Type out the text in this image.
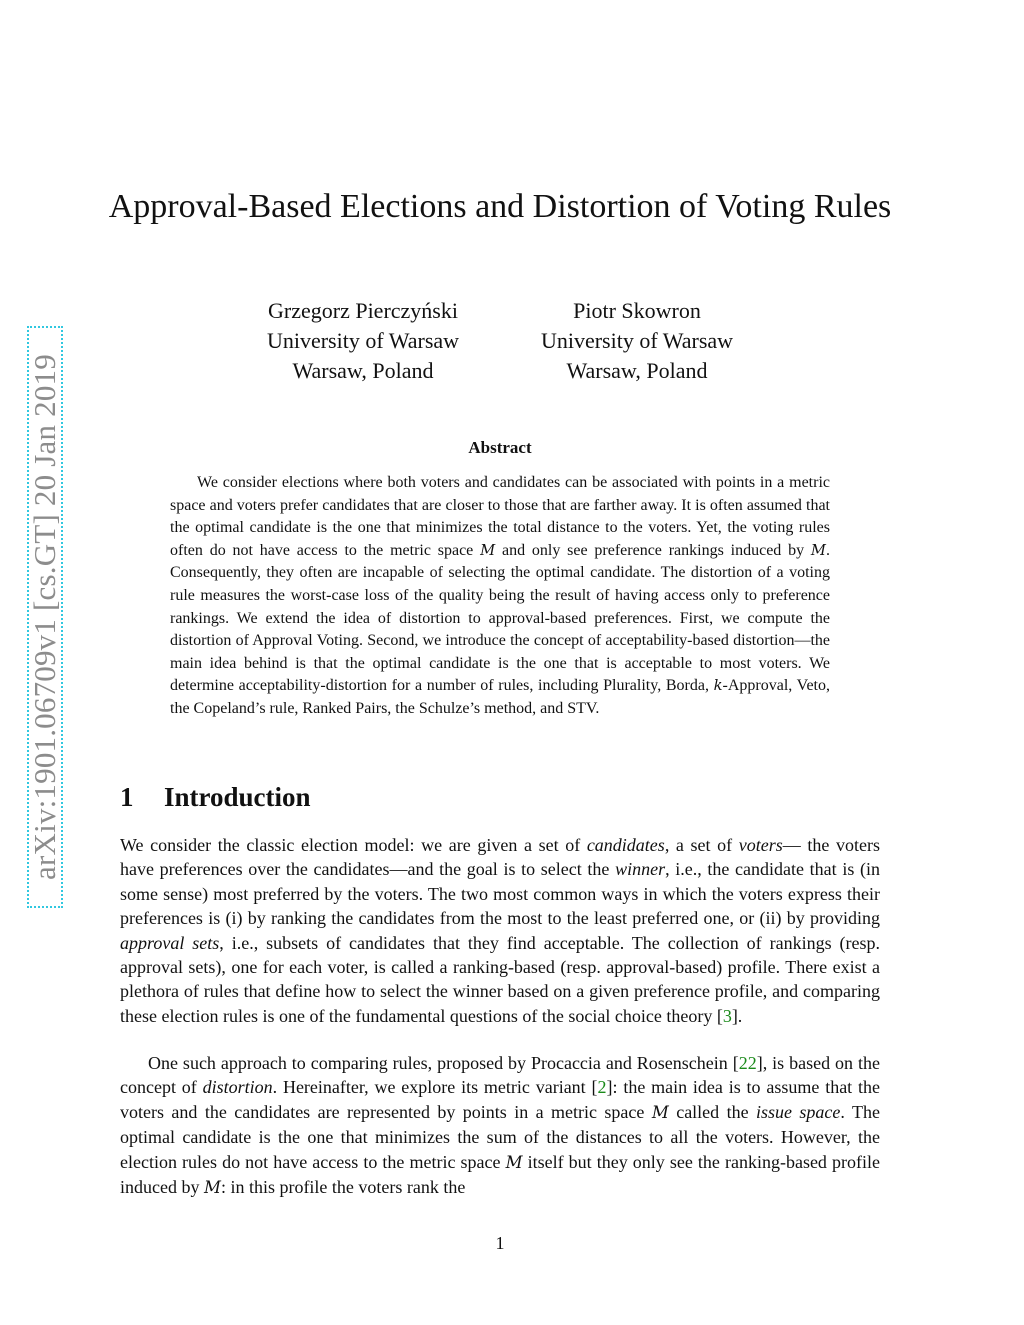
arXiv:1901.06709v1 [cs.GT] 20 Jan 2019
Approval-Based Elections and Distortion of Voting Rules
Grzegorz Pierczyński
University of Warsaw
Warsaw, Poland
Piotr Skowron
University of Warsaw
Warsaw, Poland
Abstract

We consider elections where both voters and candidates can be associated with points in a metric space and voters prefer candidates that are closer to those that are farther away. It is often assumed that the optimal candidate is the one that minimizes the total distance to the voters. Yet, the voting rules often do not have access to the metric space M and only see preference rankings induced by M. Consequently, they often are incapable of selecting the optimal candidate. The distortion of a voting rule measures the worst-case loss of the quality being the result of having access only to preference rankings. We extend the idea of distortion to approval-based preferences. First, we compute the distortion of Approval Voting. Second, we introduce the concept of acceptability-based distortion—the main idea behind is that the optimal candidate is the one that is acceptable to most voters. We determine acceptability-distortion for a number of rules, including Plurality, Borda, k-Approval, Veto, the Copeland’s rule, Ranked Pairs, the Schulze’s method, and STV.

1 Introduction

We consider the classic election model: we are given a set of candidates, a set of voters— the voters have preferences over the candidates—and the goal is to select the winner, i.e., the candidate that is (in some sense) most preferred by the voters. The two most common ways in which the voters express their preferences is (i) by ranking the candidates from the most to the least preferred one, or (ii) by providing approval sets, i.e., subsets of candidates that they find acceptable. The collection of rankings (resp. approval sets), one for each voter, is called a ranking-based (resp. approval-based) profile. There exist a plethora of rules that define how to select the winner based on a given preference profile, and comparing these election rules is one of the fundamental questions of the social choice theory [3].

One such approach to comparing rules, proposed by Procaccia and Rosenschein [22], is based on the concept of distortion. Hereinafter, we explore its metric variant [2]: the main idea is to assume that the voters and the candidates are represented by points in a metric space M called the issue space. The optimal candidate is the one that minimizes the sum of the distances to all the voters. However, the election rules do not have access to the metric space M itself but they only see the ranking-based profile induced by M: in this profile the voters rank the

1
